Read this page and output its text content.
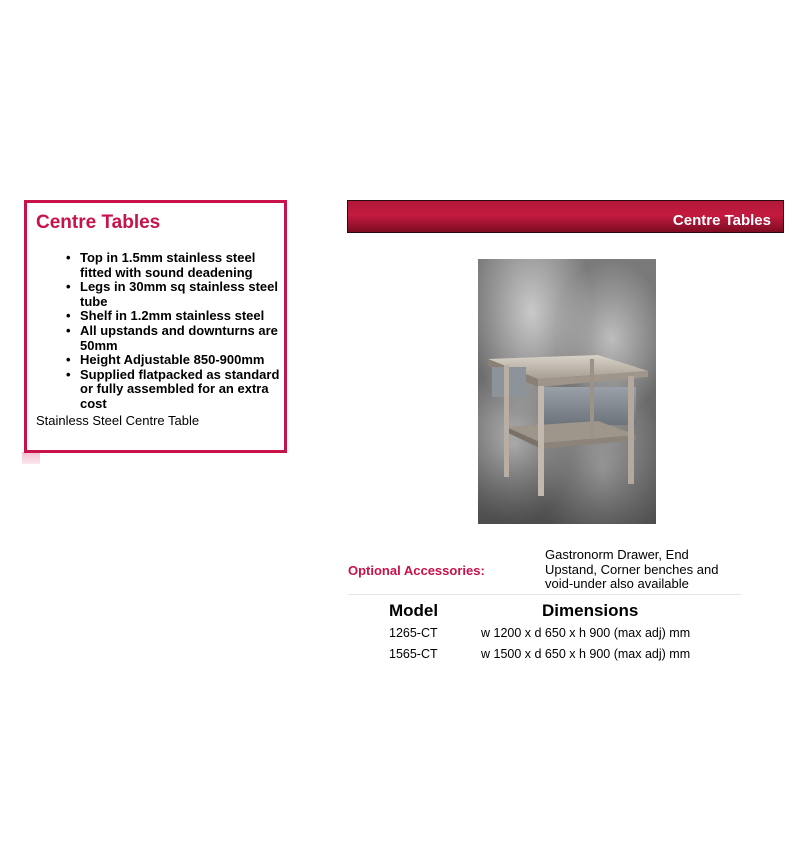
Centre Tables
• Top in 1.5mm stainless steel fitted with sound deadening
• Legs in 30mm sq stainless steel tube
• Shelf in 1.2mm stainless steel
• All upstands and downturns are 50mm
• Height Adjustable 850-900mm
• Supplied flatpacked as standard or fully assembled for an extra cost

Stainless Steel Centre Table

Centre Tables

Optional Accessories:

Gastronorm Drawer, End Upstand, Corner benches and void-under also available

Model	Dimensions
1265-CT	w 1200 x d 650 x h 900 (max adj) mm
1565-CT	w 1500 x d 650 x h 900 (max adj) mm
